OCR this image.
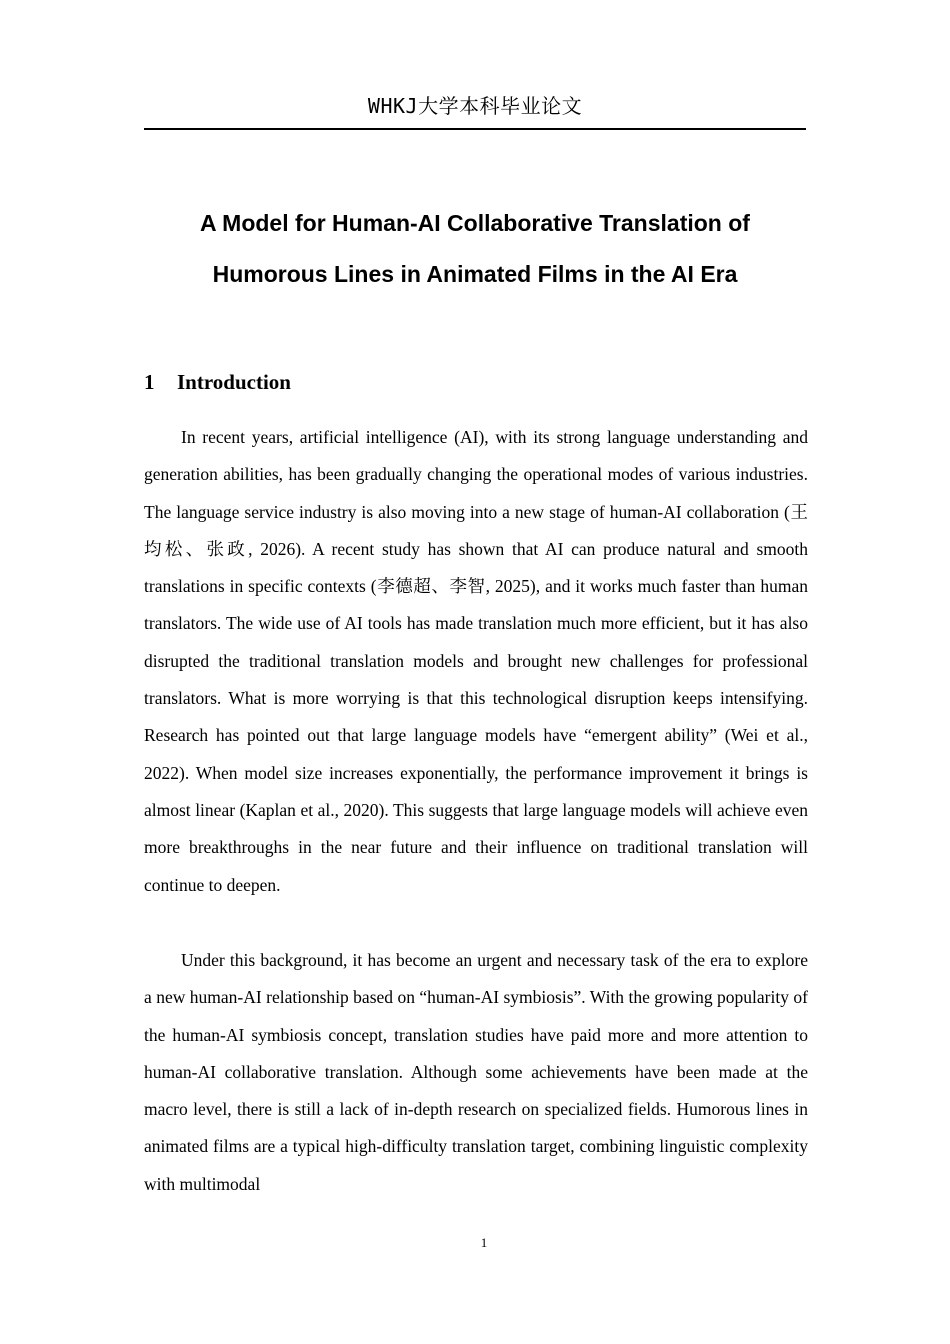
WHKJ大学本科毕业论文
A Model for Human-AI Collaborative Translation of
Humorous Lines in Animated Films in the AI Era
1 Introduction

In recent years, artificial intelligence (AI), with its strong language understanding and generation abilities, has been gradually changing the operational modes of various industries. The language service industry is also moving into a new stage of human-AI collaboration (王均松、张政, 2026). A recent study has shown that AI can produce natural and smooth translations in specific contexts (李德超、李智, 2025), and it works much faster than human translators. The wide use of AI tools has made translation much more efficient, but it has also disrupted the traditional translation models and brought new challenges for professional translators. What is more worrying is that this technological disruption keeps intensifying. Research has pointed out that large language models have “emergent ability” (Wei et al., 2022). When model size increases exponentially, the performance improvement it brings is almost linear (Kaplan et al., 2020). This suggests that large language models will achieve even more breakthroughs in the near future and their influence on traditional translation will continue to deepen.

Under this background, it has become an urgent and necessary task of the era to explore a new human-AI relationship based on “human-AI symbiosis”. With the growing popularity of the human-AI symbiosis concept, translation studies have paid more and more attention to human-AI collaborative translation. Although some achievements have been made at the macro level, there is still a lack of in-depth research on specialized fields. Humorous lines in animated films are a typical high-difficulty translation target, combining linguistic complexity with multimodal

1
